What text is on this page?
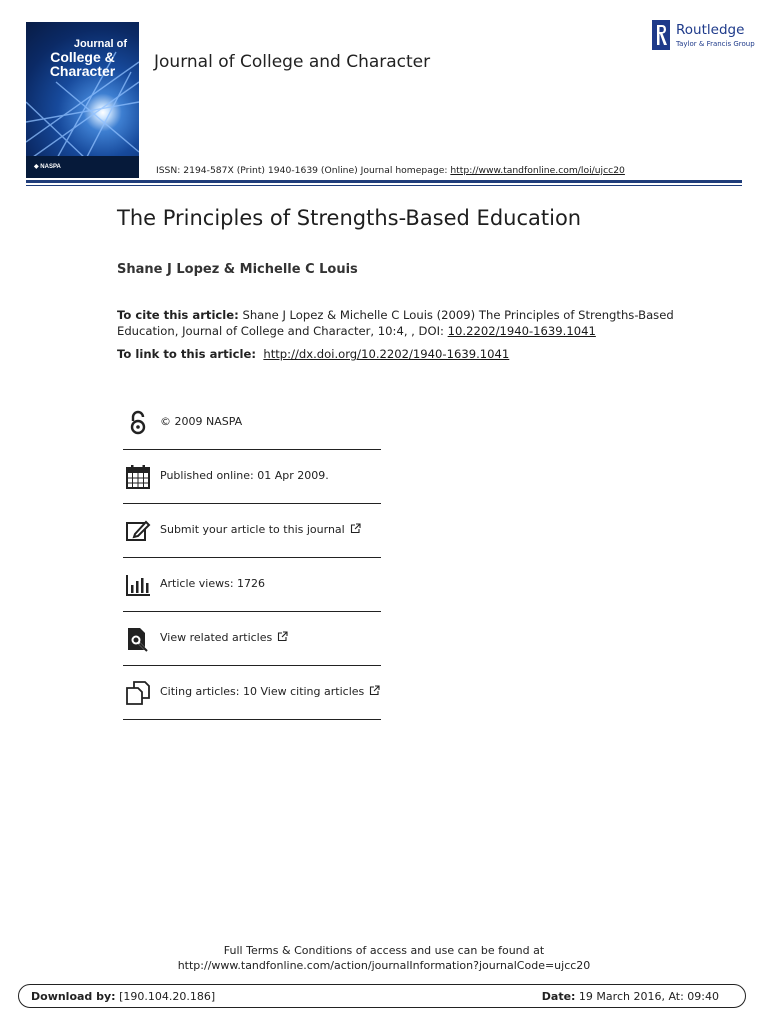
Journal of
College &
Character
◆ NASPA
Journal of College and Character
ISSN: 2194-587X (Print) 1940-1639 (Online) Journal homepage: http://www.tandfonline.com/loi/ujcc20
Routledge
Taylor & Francis Group
The Principles of Strengths-Based Education
Shane J Lopez & Michelle C Louis
To cite this article: Shane J Lopez & Michelle C Louis (2009) The Principles of Strengths-Based Education, Journal of College and Character, 10:4, , DOI: 10.2202/1940-1639.1041
To link to this article: http://dx.doi.org/10.2202/1940-1639.1041
© 2009 NASPA
Published online: 01 Apr 2009.
Submit your article to this journal
Article views: 1726
View related articles
Citing articles: 10 View citing articles
Full Terms & Conditions of access and use can be found at
http://www.tandfonline.com/action/journalInformation?journalCode=ujcc20
Download by: [190.104.20.186]	Date: 19 March 2016, At: 09:40
